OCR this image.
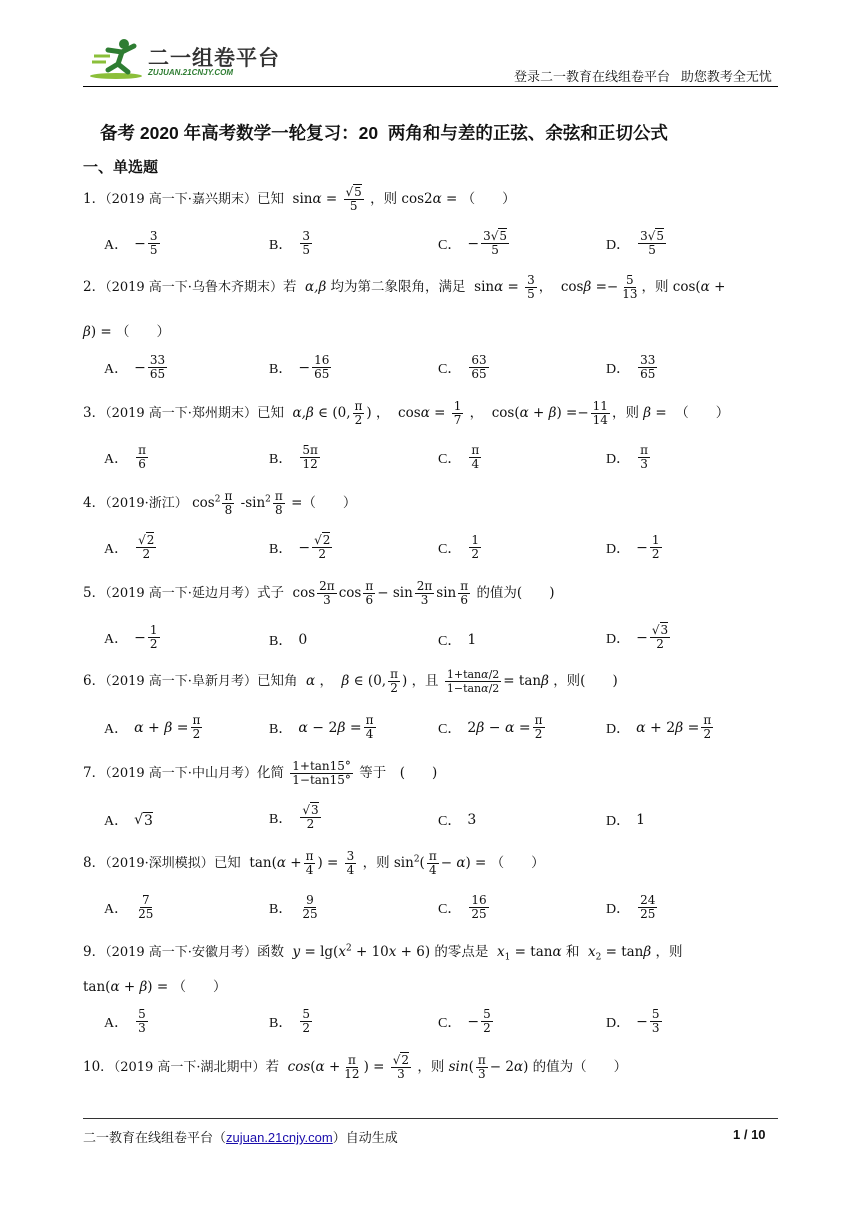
二一组卷平台
ZUJUAN.21CNJY.COM	登录二一教育在线组卷平台   助您教考全无忧
备考 2020 年高考数学一轮复习：20  两角和与差的正弦、余弦和正切公式
一、单选题
1．（2019 高一下·嘉兴期末）已知  $\sin\alpha = \frac{√5}{5}$ ，则 cos2α = （　　）
A． − $\frac{3}{5}$	B． $\frac{3}{5}$	C． − $\frac{3√5}{5}$	D． $\frac{3√5}{5}$
2．（2019 高一下·乌鲁木齐期末）若  α,β 均为第二象限角，满足  $\sin\alpha = \frac{3}{5}$ ，  $\cos\beta =- \frac{5}{13}$ ，则 cos(α +
β) = （　　）
A． − $\frac{33}{65}$	B． − $\frac{16}{65}$	C． $\frac{63}{65}$	D． $\frac{33}{65}$
3．（2019 高一下·郑州期末）已知 α,β ∈ (0, $\frac{\pi}{2}$ ) ，  $\cos\alpha = \frac{1}{7}$ ，  $\cos(\alpha + \beta) =- \frac{11}{14}$ ，则 β =  （　　）
A． $\frac{\pi}{6}$	B． $\frac{5\pi}{12}$	C． $\frac{\pi}{4}$	D． $\frac{\pi}{3}$
4．（2019·浙江） $\cos^2 \frac{\pi}{8} -\sin^2 \frac{\pi}{8}$ =（　　）
A． $\frac{√2}{2}$	B． − $\frac{√2}{2}$	C． $\frac{1}{2}$	D． − $\frac{1}{2}$
5．（2019 高一下·延边月考）式子  $\cos \frac{2\pi}{3}$ $\cos \frac{\pi}{6} - \sin \frac{2\pi}{3}$ $\sin \frac{\pi}{6}$ 的值为(　　)
A． − $\frac{1}{2}$	B． 0	C． 1	D． − $\frac{√3}{2}$
6．（2019 高一下·阜新月考）已知角  α ， β ∈ (0, $\frac{\pi}{2}$ ) ，且 $\frac{1+\tan\alpha/2}{1-\tan\alpha/2} = \tan\beta$ ，则(　　)
A． $\alpha + \beta = \frac{\pi}{2}$	B． α − 2 $\beta = \frac{\pi}{4}$	C． 2 $\beta - \alpha = \frac{\pi}{2}$	D． α + 2 $\beta = \frac{\pi}{2}$
7．（2019 高一下·中山月考）化简 $\frac{1+\tan 15^\circ}{1-\tan 15^\circ}$ 等于　(　　)
A． √ 3	B． $\frac{√3}{2}$	C． 3	D． 1
8．（2019·深圳模拟）已知  $\tan(\alpha + \frac{\pi}{4}$ ) = $\frac{3}{4}$ ，则 $\sin^2( \frac{\pi}{4} - \alpha)$ = （　　）
A． $\frac{7}{25}$	B． $\frac{9}{25}$	C． $\frac{16}{25}$	D． $\frac{24}{25}$
9．（2019 高一下·安徽月考）函数 $y = \lg(x^2 + 10x + 6)$ 的零点是 $x_1 = \tan\alpha$ 和 $x_2 = \tan\beta$ ，则
tan(α + β) = （　　）
A． $\frac{5}{3}$	B． $\frac{5}{2}$	C． − $\frac{5}{2}$	D． − $\frac{5}{3}$
10．（2019 高一下·湖北期中）若  $\cos(\alpha + \frac{\pi}{12}$ ) = $\frac{√2}{3}$ ，则 $\sin( \frac{\pi}{3} - 2\alpha)$ 的值为（　　）
二一教育在线组卷平台（zujuan.21cnjy.com）自动生成	1 / 10
